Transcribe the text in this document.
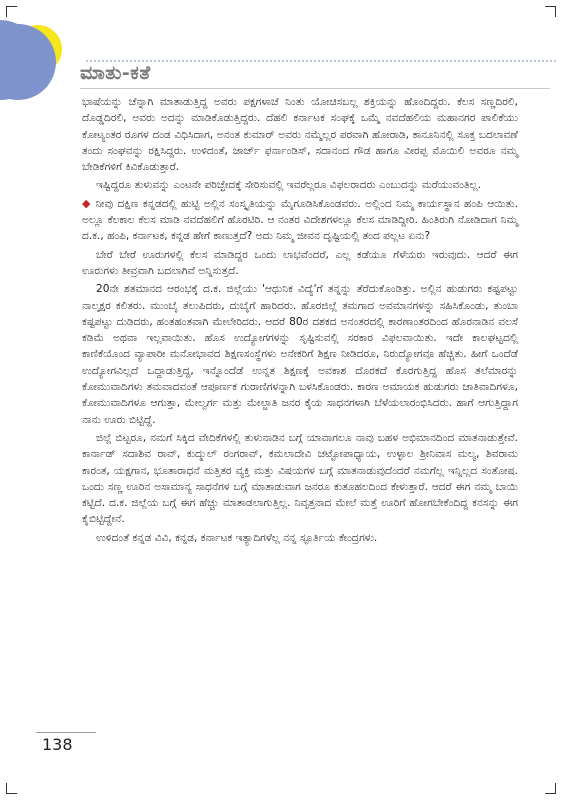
ಮಾತು-ಕತೆ

ಭಾಷೆಯನ್ನು ಚೆನ್ನಾಗಿ ಮಾತಾಡುತ್ತಿದ್ದ ಅವರು ಪಕ್ಷಗಳಾಚೆ ನಿಂತು ಯೋಚಿಸಬಲ್ಲ ಶಕ್ತಿಯನ್ನು ಹೊಂದಿದ್ದರು. ಕೆಲಸ ಸಣ್ಣದಿರಲಿ, ದೊಡ್ಡದಿರಲಿ, ಅವರು ಅದನ್ನು ಮಾಡಿಕೊಡುತ್ತಿದ್ದರು. ದೆಹಲಿ ಕರ್ನಾಟಕ ಸಂಘಕ್ಕೆ ಒಮ್ಮೆ ನವದೆಹಲಿಯ ಮಹಾನಗರ ಪಾಲಿಕೆಯು ಕೋಟ್ಯಂತರ ರೂಗಳ ದಂಡ ವಿಧಿಸಿದಾಗ, ಅನಂತ ಕುಮಾರ್ ಅವರು ನಮ್ಮೆಲ್ಲರ ಪರವಾಗಿ ಹೋರಾಡಿ, ಕಾನೂನಿನಲ್ಲಿ ಸೂಕ್ತ ಬದಲಾವಣೆ ತಂದು ಸಂಘವನ್ನು ರಕ್ಷಿಸಿದ್ದರು. ಉಳಿದಂತೆ, ಜಾರ್ಜ್ ಫರ್ನಾಂಡಿಸ್, ಸದಾನಂದ ಗೌಡ ಹಾಗೂ ವೀರಪ್ಪ ಮೊಯಿಲಿ ಅವರೂ ನಮ್ಮ ಬೇಡಿಕೆಗಳಿಗೆ ಕಿವಿಕೊಡುತ್ತಾರೆ.

ಇಷ್ಟಿದ್ದರೂ ತುಳುವನ್ನು ಎಂಟನೇ ಪರಿಚ್ಛೇದಕ್ಕೆ ಸೇರಿಸುವಲ್ಲಿ ಇವರೆಲ್ಲರೂ ವಿಫಲರಾದರು ಎಂಬುದನ್ನು ಮರೆಯುವಂತಿಲ್ಲ.

◆ ನೀವು ದಕ್ಷಿಣ ಕನ್ನಡದಲ್ಲಿ ಹುಟ್ಟಿ ಅಲ್ಲಿನ ಸಂಸ್ಕೃತಿಯನ್ನು ಮೈಗೂಡಿಸಿಕೊಂಡವರು. ಅಲ್ಲಿಂದ ನಿಮ್ಮ ಕಾರ್ಯಸ್ಥಾನ ಹಂಪಿ ಆಯಿತು. ಅಲ್ಲೂ ಕೆಲಕಾಲ ಕೆಲಸ ಮಾಡಿ ನವದೆಹಲಿಗೆ ಹೊರಟಿರಿ. ಆ ನಂತರ ವಿದೇಶಗಳಲ್ಲೂ ಕೆಲಸ ಮಾಡಿದ್ದೀರಿ. ಹಿಂತಿರುಗಿ ನೋಡಿದಾಗ ನಿಮ್ಮ ದ.ಕ., ಹಂಪಿ, ಕರ್ನಾಟಕ, ಕನ್ನಡ ಹೇಗೆ ಕಾಣುತ್ತದೆ? ಅದು ನಿಮ್ಮ ಜೀವನ ದೃಷ್ಟಿಯಲ್ಲಿ ತಂದ ಪಲ್ಲಟ ಏನು?

ಬೇರೆ ಬೇರೆ ಊರುಗಳಲ್ಲಿ ಕೆಲಸ ಮಾಡಿದ್ದರ ಒಂದು ಲಾಭವೆಂದರೆ, ಎಲ್ಲ ಕಡೆಯೂ ಗೆಳೆಯರು ಇರುವುದು. ಆದರೆ ಈಗ ಊರುಗಳು ತೀವ್ರವಾಗಿ ಬದಲಾಗಿವೆ ಅನ್ನಿಸುತ್ತದೆ.

20ನೇ ಶತಮಾನದ ಆರಂಭಕ್ಕೆ ದ.ಕ. ಜಿಲ್ಲೆಯು 'ಆಧುನಿಕ ವಿದ್ಯೆ'ಗೆ ತನ್ನನ್ನು ತೆರೆದುಕೊಂಡಿತ್ತು. ಅಲ್ಲಿನ ಹುಡುಗರು ಕಷ್ಟಪಟ್ಟು ನಾಲ್ಕಕ್ಷರ ಕಲಿತರು. ಮುಂಬೈ ತಲುಪಿದರು, ದುಬೈಗೆ ಹಾರಿದರು. ಹೊರಜಿಲ್ಲೆ ತಮಗಾದ ಅವಮಾನಗಳನ್ನು ಸಹಿಸಿಕೊಂಡು, ತುಂಬಾ ಕಷ್ಟಪಟ್ಟು ದುಡಿದರು, ಹಂತಹಂತವಾಗಿ ಮೇಲೇರಿದರು. ಆದರೆ 80ರ ದಶಕದ ಅನಂತರದಲ್ಲಿ ಕಾರಣಾಂತರದಿಂದ ಹೊರನಾಡಿನ ವಲಸೆ ಕಡಿಮೆ ಅಥವಾ ಇಲ್ಲವಾಯಿತು. ಹೊಸ ಉದ್ಯೋಗಗಳನ್ನು ಸೃಷ್ಟಿಸುವಲ್ಲಿ ಸರಕಾರ ವಿಫಲವಾಯಿತು. ಇದೇ ಕಾಲಘಟ್ಟದಲ್ಲಿ ಕಾಣಿಕೆಯೊಂದ ವ್ಯಾಪಾರೀ ಮನೋಭಾವದ ಶಿಕ್ಷಣಸಂಸ್ಥೆಗಳು ಅನೇಕರಿಗೆ ಶಿಕ್ಷಣ ನೀಡಿದರೂ, ನಿರುದ್ಯೋಗವೂ ಹೆಚ್ಚಿತು. ಹೀಗೆ ಒಂದೆಡೆ ಉದ್ಯೋಗವಿಲ್ಲದೆ ಒದ್ದಾಡುತ್ತಿದ್ದ, ಇನ್ನೊಂದೆಡೆ ಉನ್ನತ ಶಿಕ್ಷಣಕ್ಕೆ ಅವಕಾಶ ದೊರಕದೆ ಕೊರಗುತ್ತಿದ್ದ ಹೊಸ ತಲೆಮಾರನ್ನು ಕೋಮುವಾದಿಗಳು ತಮವಾದವಂತೆ ಆಪೂರ್ಣಕ ಗುರಾಣಿಗಳನ್ನಾಗಿ ಬಳಸಿಕೊಂಡರು. ಕಾರಣ ಅಮಾಯಕ ಹುಡುಗರು ಜಾತಿವಾದಿಗಳೂ, ಕೋಮುವಾದಿಗಳೂ ಆಗುತ್ತಾ, ಮೇಲ್ವರ್ಗ ಮತ್ತು ಮೇಲ್ಜಾತಿ ಜನರ ಕೈಯ ಸಾಧನಗಳಾಗಿ ಬೆಳೆಯಲಾರಂಭಿಸಿದರು. ಹಾಗೆ ಆಗುತ್ತಿದ್ದಾಗ ನಾನು ಊರು ಬಿಟ್ಟಿದ್ದೆ.

ಜಿಲ್ಲೆ ಬಿಟ್ಟರೂ, ನಮಗೆ ಸಿಕ್ಕಿದ ವೇದಿಕೆಗಳಲ್ಲಿ ತುಳುನಾಡಿನ ಬಗ್ಗೆ ಯಾವಾಗಲೂ ನಾವು ಬಹಳ ಅಭಿಮಾನದಿಂದ ಮಾತನಾಡುತ್ತೇವೆ. ಕಾರ್ನಾಡ್ ಸದಾಶಿವ ರಾವ್, ಕುದ್ಮುಲ್ ರಂಗರಾವ್, ಕಮಲಾದೇವಿ ಚಟ್ಟೋಪಾಧ್ಯಾಯ, ಉಳ್ಳಾಲ ಶ್ರೀನಿವಾಸ ಮಲ್ಯ, ಶಿವರಾಮ ಕಾರಂತ, ಯಕ್ಷಗಾನ, ಭೂತಾರಾಧನೆ ಮತ್ತಿತರ ವ್ಯಕ್ತಿ ಮತ್ತು ವಿಷಯಗಳ ಬಗ್ಗೆ ಮಾತನಾಡುವುದೆಂದರೆ ನಮಗೆಲ್ಲ ಇನ್ನಿಲ್ಲದ ಸಂತೋಷ. ಒಂದು ಸಣ್ಣ ಊರಿನ ಅಸಾಮಾನ್ಯ ಸಾಧನೆಗಳ ಬಗ್ಗೆ ಮಾತಾಡುವಾಗ ಜನರೂ ಕುತೂಹಲದಿಂದ ಕೇಳುತ್ತಾರೆ. ಆದರೆ ಈಗ ನಮ್ಮ ಬಾಯಿ ಕಟ್ಟಿದೆ. ದ.ಕ. ಜಿಲ್ಲೆಯ ಬಗ್ಗೆ ಈಗ ಹೆಚ್ಚು ಮಾತಾಡಲಾಗುತ್ತಿಲ್ಲ. ನಿವೃತ್ತನಾದ ಮೇಲೆ ಮತ್ತೆ ಊರಿಗೆ ಹೋಗಬೇಕೆಂದಿದ್ದ ಕನಸನ್ನು ಈಗ ಕೈಬಿಟ್ಟಿದ್ದೇನೆ.

ಉಳಿದಂತೆ ಕನ್ನಡ ವಿವಿ, ಕನ್ನಡ, ಕರ್ನಾಟಕ ಇತ್ಯಾದಿಗಳೆಲ್ಲ ನನ್ನ ಸ್ಫೂರ್ತಿಯ ಕೇಂದ್ರಗಳು.

138
